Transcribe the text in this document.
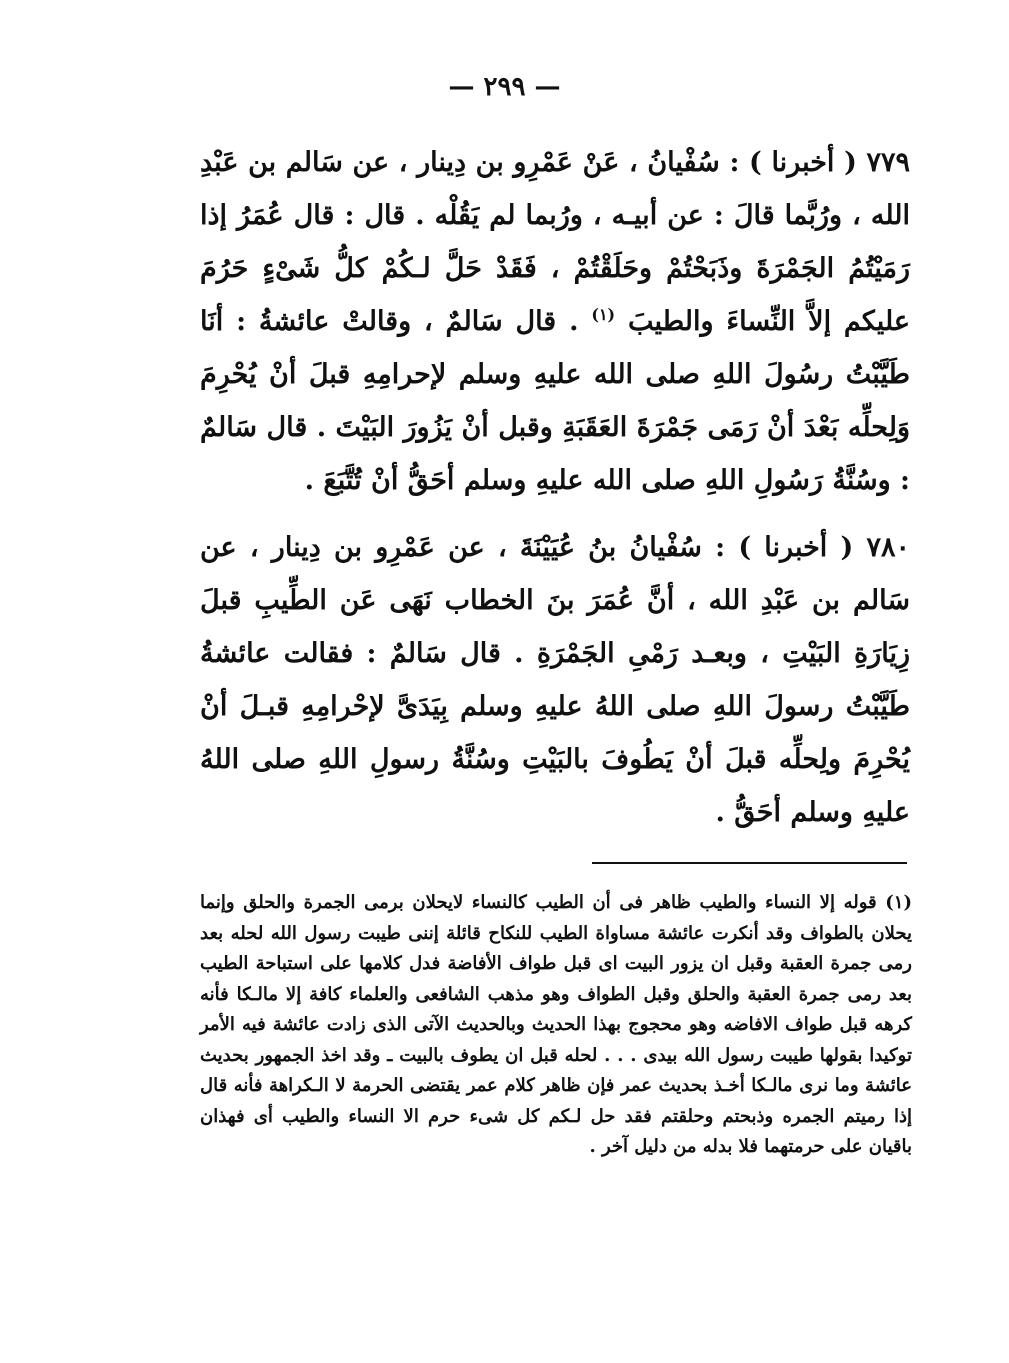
— ٢٩٩ —

٧٧٩ ( أخبرنا ) : سُفْيانُ ، عَنْ عَمْرِو بن دِينار ، عن سَالم بن عَبْدِ الله ، ورُبَّما قالَ : عن أبيـه ، ورُبما لم يَقُلْه . قال : قال عُمَرُ إذا رَمَيْتُمُ الجَمْرَةَ وذَبَحْتُمْ وحَلَقْتُمْ ، فَقَدْ حَلَّ لـكُمْ كلُّ شَىْءٍ حَرُمَ عليكم إلاَّ النِّساءَ والطيبَ $^{(١)}$ . قال سَالمٌ ، وقالتْ عائشةُ : أنَا طَيَّبْتُ رسُولَ اللهِ صلى الله عليهِ وسلم لإحرامِهِ قبلَ أنْ يُحْرِمَ وَلِحلِّه بَعْدَ أنْ رَمَى جَمْرَةَ العَقَبَةِ وقبل أنْ يَزُورَ البَيْتَ . قال سَالمٌ : وسُنَّةُ رَسُولِ اللهِ صلى الله عليهِ وسلم أحَقُّ أنْ تُتَّبَعَ .

٧٨٠ ( أخبرنا ) : سُفْيانُ بنُ عُيَيْنَةَ ، عن عَمْرِو بن دِينار ، عن سَالم بن عَبْدِ الله ، أنَّ عُمَرَ بنَ الخطاب نَهَى عَن الطِّيبِ قبلَ زِيَارَةِ البَيْتِ ، وبعـد رَمْىِ الجَمْرَةِ . قال سَالمٌ : فقالت عائشةُ طَيَّبْتُ رسولَ اللهِ صلى اللهُ عليهِ وسلم بِيَدَىَّ لإحْرامِهِ قبـلَ أنْ يُحْرِمَ ولِحلِّه قبلَ أنْ يَطُوفَ بالبَيْتِ وسُنَّةُ رسولِ اللهِ صلى اللهُ عليهِ وسلم أحَقُّ .

(١) قوله إلا النساء والطيب ظاهر فى أن الطيب كالنساء لايحلان برمى الجمرة والحلق وإنما يحلان بالطواف وقد أنكرت عائشة مساواة الطيب للنكاح قائلة إننى طيبت رسول الله لحله بعد رمى جمرة العقبة وقبل ان يزور البيت اى قبل طواف الأفاضة فدل كلامها على استباحة الطيب بعد رمى جمرة العقبة والحلق وقبل الطواف وهو مذهب الشافعى والعلماء كافة إلا مالـكا فأنه كرهه قبل طواف الافاضه وهو محجوج بهذا الحديث وبالحديث الآتى الذى زادت عائشة فيه الأمر توكيدا بقولها طيبت رسول الله بيدى . . . لحله قبل ان يطوف بالبيت ـ وقد اخذ الجمهور بحديث عائشة وما نرى مالـكا أخـذ بحديث عمر فإن ظاهر كلام عمر يقتضى الحرمة لا الـكراهة فأنه قال إذا رميتم الجمره وذبحتم وحلقتم فقد حل لـكم كل شىء حرم الا النساء والطيب أى فهذان باقيان على حرمتهما فلا بدله من دليل آخر .
